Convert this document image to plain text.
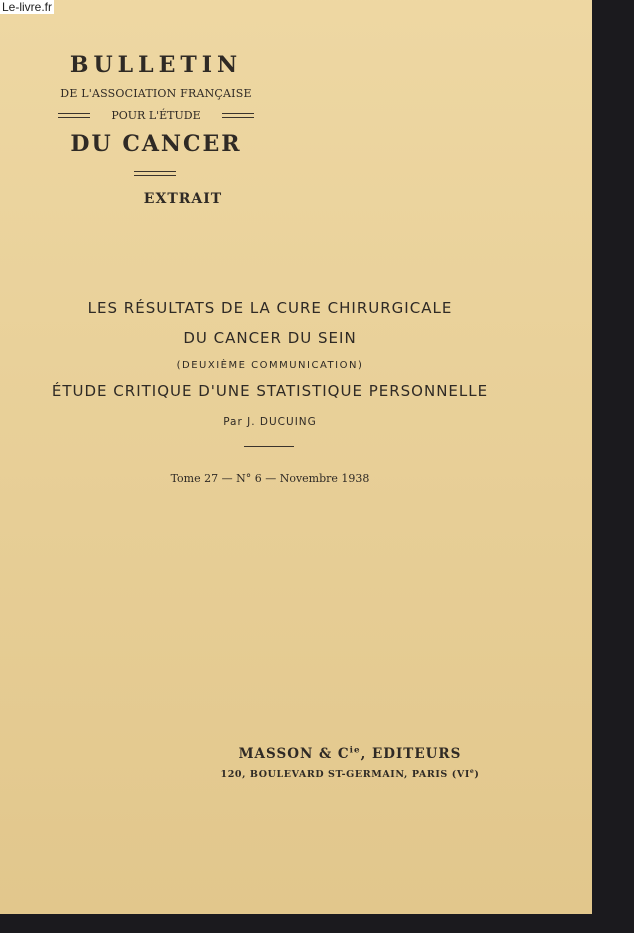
Le-livre.fr
BULLETIN
DE L'ASSOCIATION FRANÇAISE
POUR L'ÉTUDE
DU CANCER
EXTRAIT
LES RÉSULTATS DE LA CURE CHIRURGICALE
DU CANCER DU SEIN
(DEUXIÈME COMMUNICATION)
ÉTUDE CRITIQUE D'UNE STATISTIQUE PERSONNELLE
Par J. DUCUING
Tome 27 — N° 6 — Novembre 1938
MASSON & $C^{ie}$, EDITEURS
120, BOULEVARD ST-GERMAIN, PARIS (VIe)
